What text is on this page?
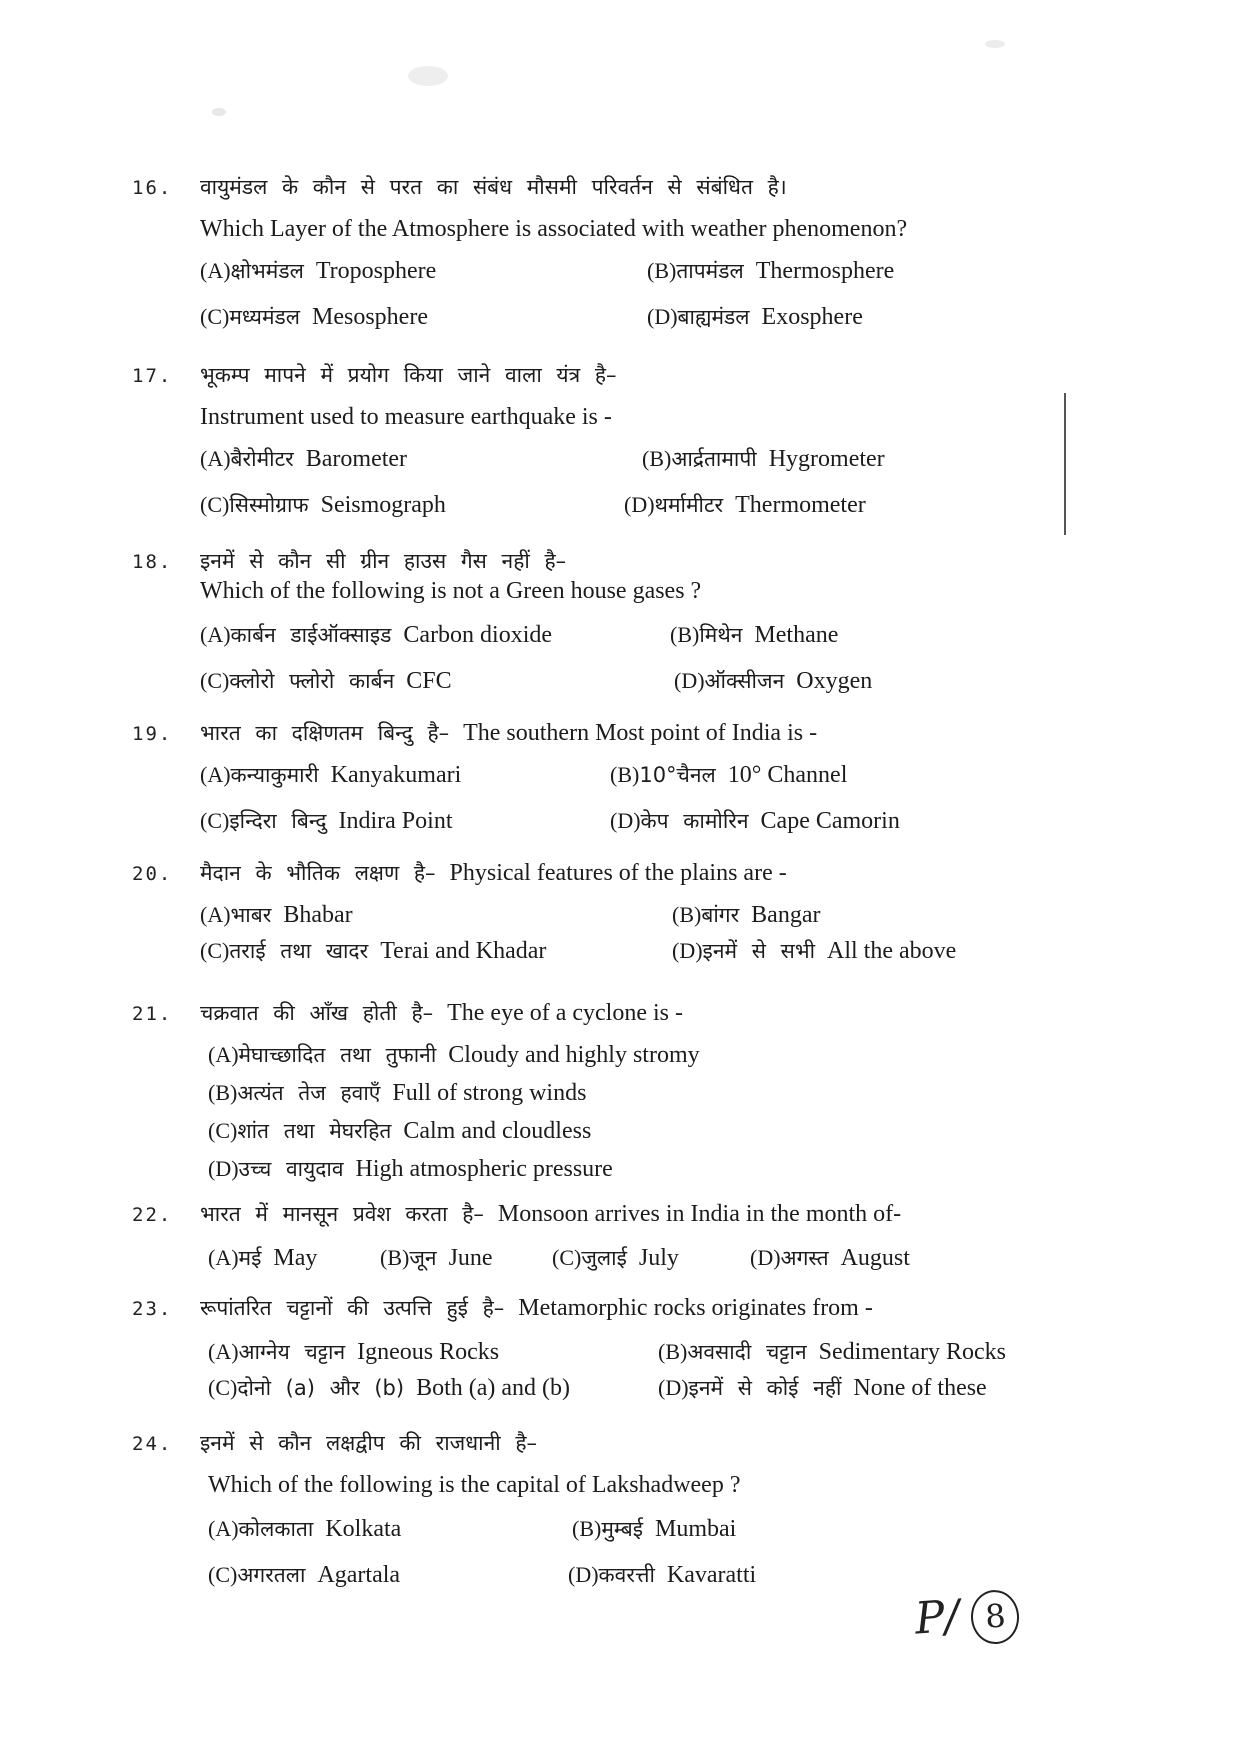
16.	वायुमंडल के कौन से परत का संबंध मौसमी परिवर्तन से संबंधित है।
Which Layer of the Atmosphere is associated with weather phenomenon?
(A)क्षोभमंडल Troposphere	(B)तापमंडल Thermosphere
(C)मध्यमंडल Mesosphere	(D)बाह्यमंडल Exosphere
17.	भूकम्प मापने में प्रयोग किया जाने वाला यंत्र है–
Instrument used to measure earthquake is -
(A)बैरोमीटर Barometer	(B)आर्द्रतामापी Hygrometer
(C)सिस्मोग्राफ Seismograph	(D)थर्मामीटर Thermometer
18.	इनमें से कौन सी ग्रीन हाउस गैस नहीं है–
Which of the following is not a Green house gases ?
(A)कार्बन डाईऑक्साइड Carbon dioxide	(B)मिथेन Methane
(C)क्लोरो फ्लोरो कार्बन CFC	(D)ऑक्सीजन Oxygen
19.	भारत का दक्षिणतम बिन्दु है– The southern Most point of India is -
(A)कन्याकुमारी Kanyakumari	(B)10°चैनल 10° Channel
(C)इन्दिरा बिन्दु Indira Point	(D)केप कामोरिन Cape Camorin
20.	मैदान के भौतिक लक्षण है– Physical features of the plains are -
(A)भाबर Bhabar	(B)बांगर Bangar
(C)तराई तथा खादर Terai and Khadar	(D)इनमें से सभी All the above
21.	चक्रवात की आँख होती है– The eye of a cyclone is -
(A)मेघाच्छादित तथा तुफानी Cloudy and highly stromy
(B)अत्यंत तेज हवाएँ Full of strong winds
(C)शांत तथा मेघरहित Calm and cloudless
(D)उच्च वायुदाव High atmospheric pressure
22.	भारत में मानसून प्रवेश करता है– Monsoon arrives in India in the month of-
(A)मई May	(B)जून June	(C)जुलाई July	(D)अगस्त August
23.	रूपांतरित चट्टानों की उत्पत्ति हुई है– Metamorphic rocks originates from -
(A)आग्नेय चट्टान Igneous Rocks	(B)अवसादी चट्टान Sedimentary Rocks
(C)दोनो (a) और (b) Both (a) and (b)	(D)इनमें से कोई नहीं None of these
24.	इनमें से कौन लक्षद्वीप की राजधानी है–
Which of the following is the capital of Lakshadweep ?
(A)कोलकाता Kolkata	(B)मुम्बई Mumbai
(C)अगरतला Agartala	(D)कवरत्ती Kavaratti
P/ 8
